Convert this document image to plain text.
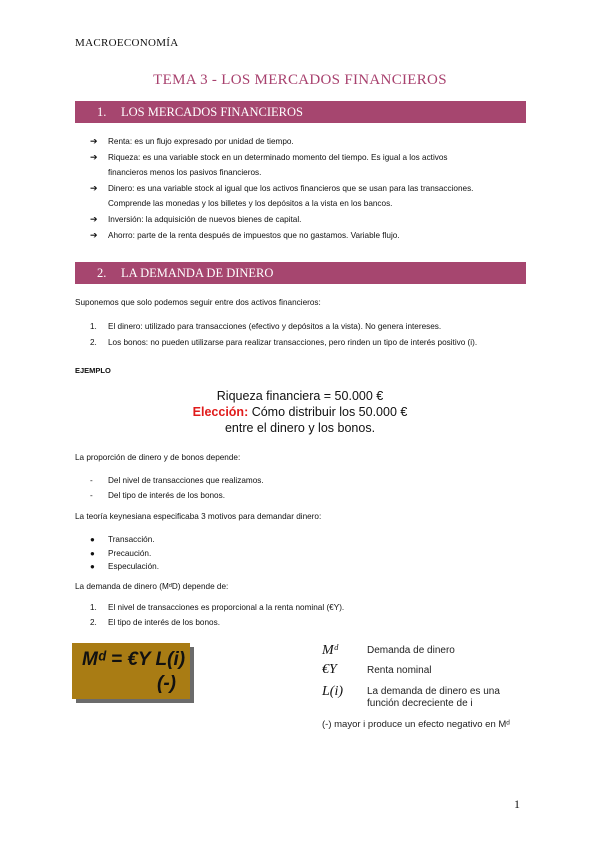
MACROECONOMÍA
TEMA 3 - LOS MERCADOS FINANCIEROS
1. LOS MERCADOS FINANCIEROS
➔ Renta: es un flujo expresado por unidad de tiempo.
➔ Riqueza: es una variable stock en un determinado momento del tiempo. Es igual a los activos
financieros menos los pasivos financieros.
➔ Dinero: es una variable stock al igual que los activos financieros que se usan para las transacciones.
Comprende las monedas y los billetes y los depósitos a la vista en los bancos.
➔ Inversión: la adquisición de nuevos bienes de capital.
➔ Ahorro: parte de la renta después de impuestos que no gastamos. Variable flujo.
2. LA DEMANDA DE DINERO
Suponemos que solo podemos seguir entre dos activos financieros:
1. El dinero: utilizado para transacciones (efectivo y depósitos a la vista). No genera intereses.
2. Los bonos: no pueden utilizarse para realizar transacciones, pero rinden un tipo de interés positivo (i).
EJEMPLO
Riqueza financiera = 50.000 €
Elección: Cómo distribuir los 50.000 €
entre el dinero y los bonos.
La proporción de dinero y de bonos depende:
- Del nivel de transacciones que realizamos.
- Del tipo de interés de los bonos.
La teoría keynesiana especificaba 3 motivos para demandar dinero:
● Transacción.
● Precaución.
● Especulación.
La demanda de dinero (MᵈD) depende de:
1. El nivel de transacciones es proporcional a la renta nominal (€Y).
2. El tipo de interés de los bonos.
Mᵈ = €Y L(i)
(-)
Mᵈ	Demanda de dinero
€Y	Renta nominal
L(i) La demanda de dinero es una
función decreciente de i
(-) mayor i produce un efecto negativo en Mᵈ
1
